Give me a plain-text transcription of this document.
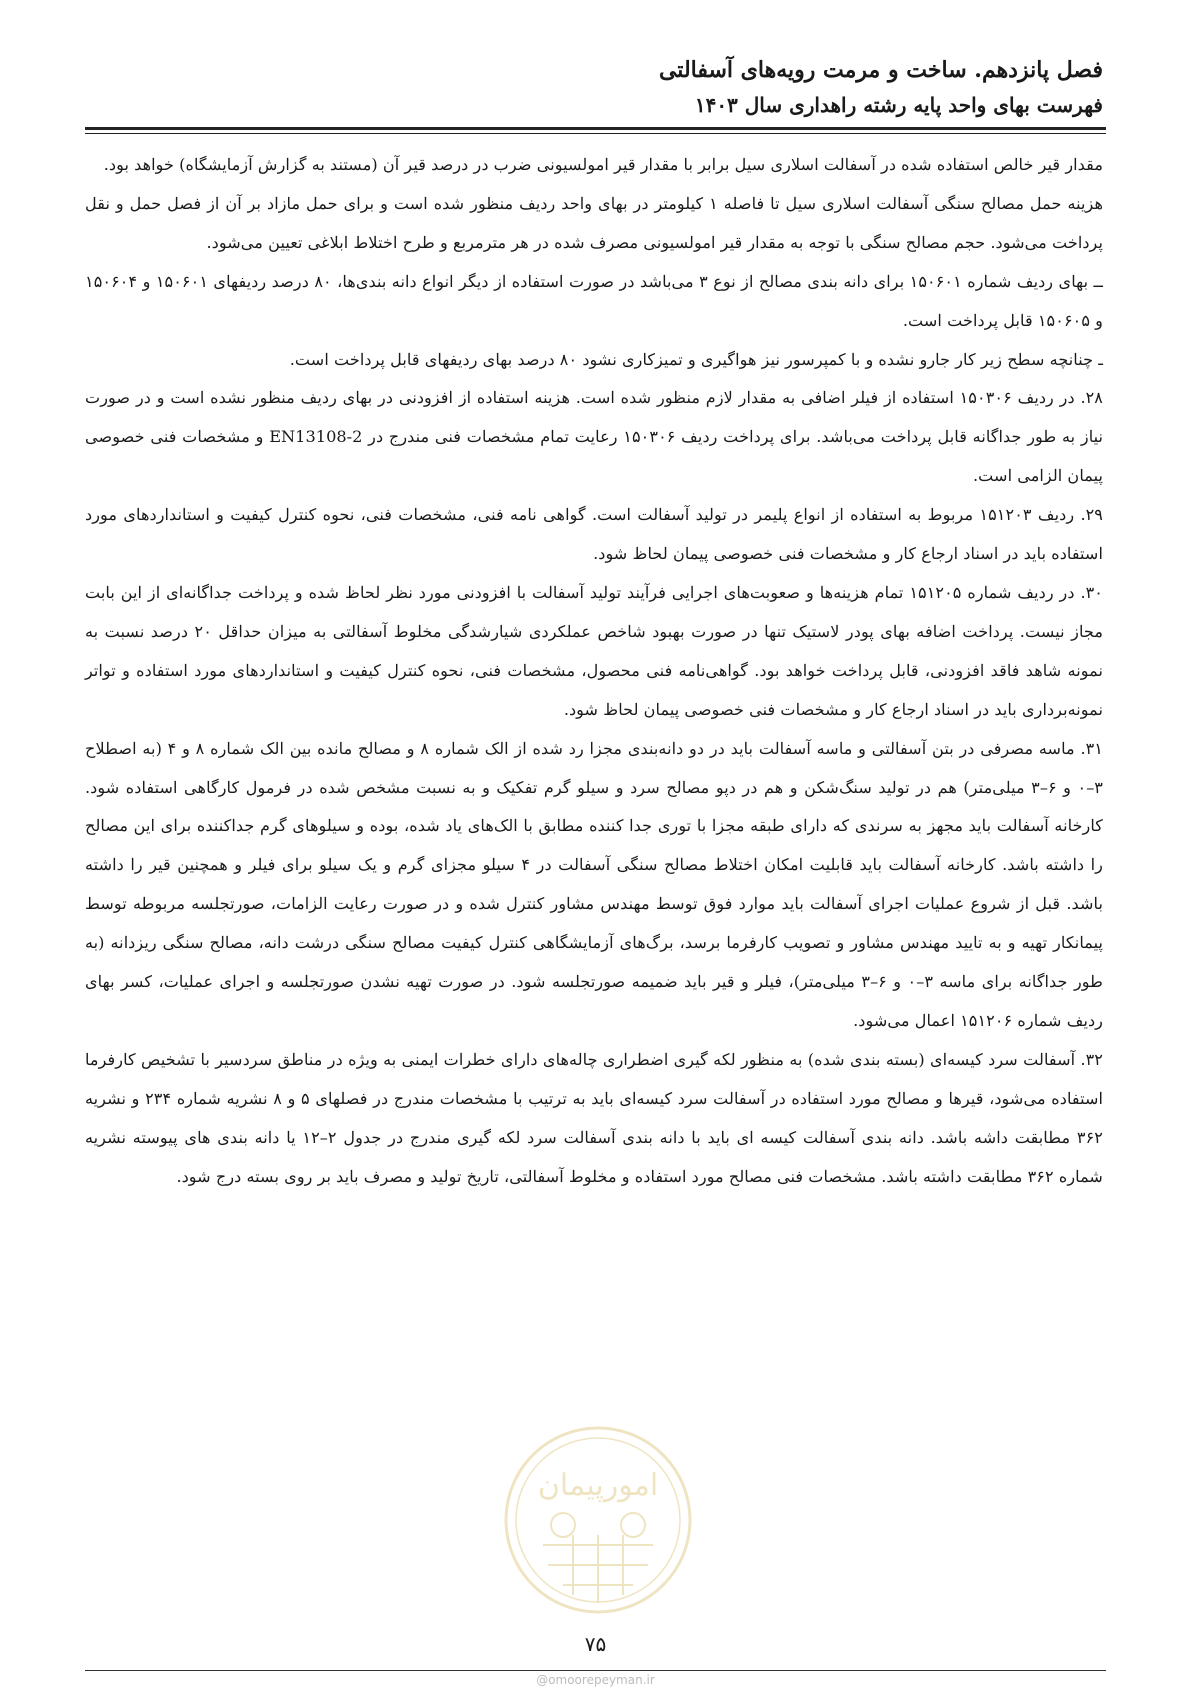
فصل پانزدهم. ساخت و مرمت رویه‌های آسفالتی
فهرست بهای واحد پایه رشته راهداری سال ۱۴۰۳

مقدار قیر خالص استفاده شده در آسفالت اسلاری سیل برابر با مقدار قیر امولسیونی ضرب در درصد قیر آن (مستند به گزارش آزمایشگاه) خواهد بود.

هزینه حمل مصالح سنگی آسفالت اسلاری سیل تا فاصله ۱ کیلومتر در بهای واحد ردیف منظور شده است و برای حمل مازاد بر آن از فصل حمل و نقل پرداخت می‌شود. حجم مصالح سنگی با توجه به مقدار قیر امولسیونی مصرف شده در هر مترمربع و طرح اختلاط ابلاغی تعیین می‌شود.

ــ بهای ردیف شماره ۱۵۰۶۰۱ برای دانه بندی مصالح از نوع ۳ می‌باشد در صورت استفاده از دیگر انواع دانه بندی‌ها، ۸۰ درصد ردیفهای ۱۵۰۶۰۱ و ۱۵۰۶۰۴ و ۱۵۰۶۰۵ قابل پرداخت است.

ـ چنانچه سطح زیر کار جارو نشده و با کمپرسور نیز هواگیری و تمیزکاری نشود ۸۰ درصد بهای ردیفهای قابل پرداخت است.

۲۸. در ردیف ۱۵۰۳۰۶ استفاده از فیلر اضافی به مقدار لازم منظور شده است. هزینه استفاده از افزودنی در بهای ردیف منظور نشده است و در صورت نیاز به طور جداگانه قابل پرداخت می‌باشد. برای پرداخت ردیف ۱۵۰۳۰۶ رعایت تمام مشخصات فنی مندرج در EN13108-2 و مشخصات فنی خصوصی پیمان الزامی است.

۲۹. ردیف ۱۵۱۲۰۳ مربوط به استفاده از انواع پلیمر در تولید آسفالت است. گواهی نامه فنی، مشخصات فنی، نحوه کنترل کیفیت و استانداردهای مورد استفاده باید در اسناد ارجاع کار و مشخصات فنی خصوصی پیمان لحاظ شود.

۳۰. در ردیف شماره ۱۵۱۲۰۵ تمام هزینه‌ها و صعوبت‌های اجرایی فرآیند تولید آسفالت با افزودنی مورد نظر لحاظ شده و پرداخت جداگانه‌ای از این بابت مجاز نیست. پرداخت اضافه بهای پودر لاستیک تنها در صورت بهبود شاخص عملکردی شیارشدگی مخلوط آسفالتی به میزان حداقل ۲۰ درصد نسبت به نمونه شاهد فاقد افزودنی، قابل پرداخت خواهد بود. گواهی‌نامه فنی محصول، مشخصات فنی، نحوه کنترل کیفیت و استانداردهای مورد استفاده و تواتر نمونه‌برداری باید در اسناد ارجاع کار و مشخصات فنی خصوصی پیمان لحاظ شود.

۳۱. ماسه مصرفی در بتن آسفالتی و ماسه آسفالت باید در دو دانه‌بندی مجزا رد شده از الک شماره ۸ و مصالح مانده بین الک شماره ۸ و ۴ (به اصطلاح ۳–۰ و ۶–۳ میلی‌متر) هم در تولید سنگ‌شکن و هم در دپو مصالح سرد و سیلو گرم تفکیک و به نسبت مشخص شده در فرمول کارگاهی استفاده شود. کارخانه آسفالت باید مجهز به سرندی که دارای طبقه مجزا با توری جدا کننده مطابق با الک‌های یاد شده، بوده و سیلوهای گرم جداکننده برای این مصالح را داشته باشد. کارخانه آسفالت باید قابلیت امکان اختلاط مصالح سنگی آسفالت در ۴ سیلو مجزای گرم و یک سیلو برای فیلر و همچنین قیر را داشته باشد. قبل از شروع عملیات اجرای آسفالت باید موارد فوق توسط مهندس مشاور کنترل شده و در صورت رعایت الزامات، صورتجلسه مربوطه توسط پیمانکار تهیه و به تایید مهندس مشاور و تصویب کارفرما برسد، برگ‌های آزمایشگاهی کنترل کیفیت مصالح سنگی درشت دانه، مصالح سنگی ریزدانه (به طور جداگانه برای ماسه ۳–۰ و ۶–۳ میلی‌متر)، فیلر و قیر باید ضمیمه صورتجلسه شود. در صورت تهیه نشدن صورتجلسه و اجرای عملیات، کسر بهای ردیف شماره ۱۵۱۲۰۶ اعمال می‌شود.

۳۲. آسفالت سرد کیسه‌ای (بسته بندی شده) به منظور لکه گیری اضطراری چاله‌های دارای خطرات ایمنی به ویژه در مناطق سردسیر با تشخیص کارفرما استفاده می‌شود، قیرها و مصالح مورد استفاده در آسفالت سرد کیسه‌ای باید به ترتیب با مشخصات مندرج در فصلهای ۵ و ۸ نشریه شماره ۲۳۴ و نشریه ۳۶۲ مطابقت داشه باشد. دانه بندی آسفالت کیسه ای باید با دانه بندی آسفالت سرد لکه گیری مندرج در جدول ۲–۱۲ یا دانه بندی های پیوسته نشریه شماره ۳۶۲ مطابقت داشته باشد. مشخصات فنی مصالح مورد استفاده و مخلوط آسفالتی، تاریخ تولید و مصرف باید بر روی بسته درج شود.

امورپیمان
۷۵
@omoorepeyman.ir
